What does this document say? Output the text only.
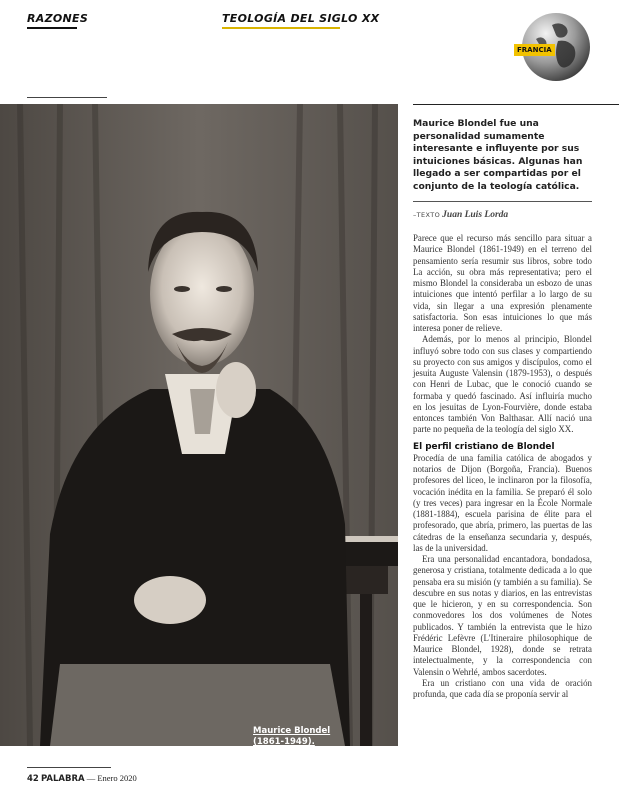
RAZONES	TEOLOGÍA DEL SIGLO XX
FRANCIA
Maurice Blondel
(1861-1949).
Maurice Blondel fue una personalidad sumamente interesante e influyente por sus intuiciones básicas. Algunas han llegado a ser compartidas por el conjunto de la teología católica.
–TEXTO Juan Luis Lorda

Parece que el recurso más sencillo para situar a Maurice Blondel (1861-1949) en el terreno del pensamiento sería resumir sus libros, sobre todo La acción, su obra más representativa; pero el mismo Blondel la consideraba un esbozo de unas intuiciones que intentó perfilar a lo largo de su vida, sin llegar a una expresión plenamente satisfactoria. Son esas intuiciones lo que más interesa poner de relieve.

Además, por lo menos al principio, Blondel influyó sobre todo con sus clases y compartiendo su proyecto con sus amigos y discípulos, como el jesuita Auguste Valensin (1879-1953), o después con Henri de Lubac, que le conoció cuando se formaba y quedó fascinado. Así influiría mucho en los jesuitas de Lyon-Fourvière, donde estaba entonces también Von Balthasar. Allí nació una parte no pequeña de la teología del siglo XX.

El perfil cristiano de Blondel

Procedía de una familia católica de abogados y notarios de Dijon (Borgoña, Francia). Buenos profesores del liceo, le inclinaron por la filosofía, vocación inédita en la familia. Se preparó él solo (y tres veces) para ingresar en la École Normale (1881-1884), escuela parisina de élite para el profesorado, que abría, primero, las puertas de las cátedras de la enseñanza secundaria y, después, las de la universidad.

Era una personalidad encantadora, bondadosa, generosa y cristiana, totalmente dedicada a lo que pensaba era su misión (y también a su familia). Se descubre en sus notas y diarios, en las entrevistas que le hicieron, y en su correspondencia. Son conmovedores los dos volúmenes de Notes publicados. Y también la entrevista que le hizo Frédéric Lefèvre (L'Itineraire philosophique de Maurice Blondel, 1928), donde se retrata intelectualmente, y la correspondencia con Valensin o Wehrlé, ambos sacerdotes.

Era un cristiano con una vida de oración profunda, que cada día se proponía servir al

42 PALABRA — Enero 2020
